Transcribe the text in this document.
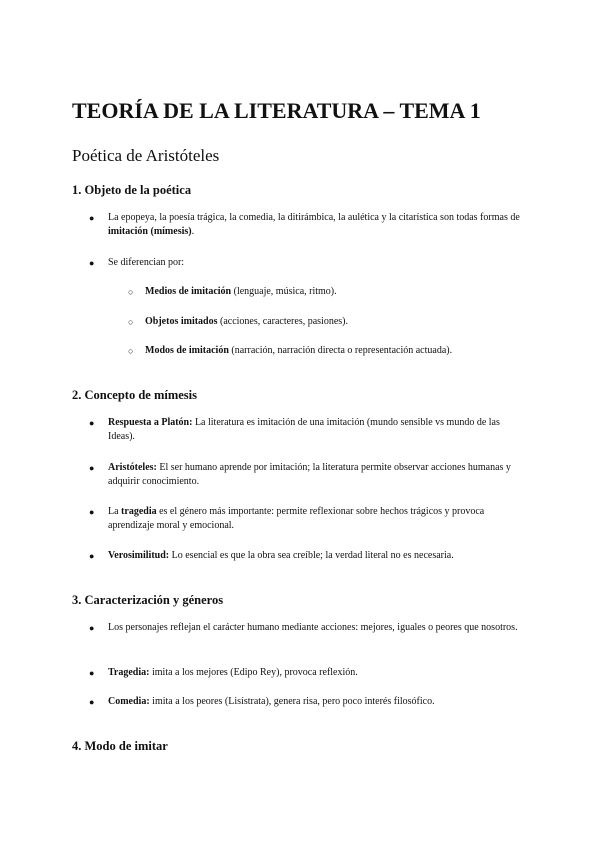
TEORÍA DE LA LITERATURA – TEMA 1
Poética de Aristóteles
1. Objeto de la poética
● La epopeya, la poesía trágica, la comedia, la ditirámbica, la aulética y la citarística son todas formas de imitación (mímesis).
● Se diferencian por:
○ Medios de imitación (lenguaje, música, ritmo).
○ Objetos imitados (acciones, caracteres, pasiones).
○ Modos de imitación (narración, narración directa o representación actuada).
2. Concepto de mímesis
● Respuesta a Platón: La literatura es imitación de una imitación (mundo sensible vs mundo de las Ideas).
● Aristóteles: El ser humano aprende por imitación; la literatura permite observar acciones humanas y adquirir conocimiento.
● La tragedia es el género más importante: permite reflexionar sobre hechos trágicos y provoca aprendizaje moral y emocional.
● Verosimilitud: Lo esencial es que la obra sea creíble; la verdad literal no es necesaria.
3. Caracterización y géneros
● Los personajes reflejan el carácter humano mediante acciones: mejores, iguales o peores que nosotros.
● Tragedia: imita a los mejores (Edipo Rey), provoca reflexión.
● Comedia: imita a los peores (Lisístrata), genera risa, pero poco interés filosófico.
4. Modo de imitar
